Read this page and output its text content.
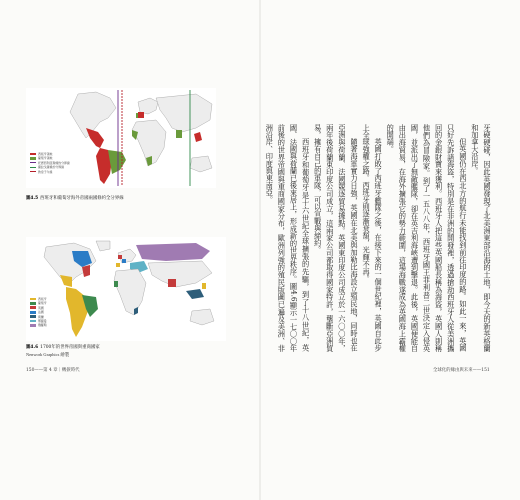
西班牙領地
葡萄牙領地
托德西利亞斯條約分界線
薩拉戈薩條約分界線
教皇子午線
圖4.5 西班牙和葡萄牙海外帝國兩國條約全分界線
西班牙
葡萄牙
英國
法國
荷蘭
鄂圖曼
俄羅斯
圖4.6 1700年的世界帝國與重商國家
Nenwork Graphics 繪製
150——第 4 章｜轉捩時代

牙硬硬碰，因此英國發現了北美洲東部沿海的土地，即今天的新英格蘭和加拿大沿岸。

但英國仍在西北方的航行未能找到前往印度的路。如此一來，英國只好先訴諸海盜，特別是在非洲的開發裡，透過搶劫西班牙人從美洲攜回的金銀財寶來獲利。西班牙人把這些英國船長稱為海盜，英國人則稱他們為冒險家。到了一五八八年，西班牙國王菲利普二世決定入侵英國，並派出了無敵艦隊，卻在英吉利海峽遭到擊退。此後，英國便能自由出海貿易，在海外擴張它的勢力範圍，這場海戰遂成為英國海上霸權的開端。

英國打敗了西班牙艦隊之後，在接下來的一個世紀裡，英國自此步上全球強權之路。西班牙則逐漸衰頹，光輝不再。

隨著海軍實力日強，英國在北美與加勒比海設立殖民地，同時也在亞洲與荷蘭、法國競逐貿易據點。英國東印度公司成立於一六〇〇年，兩年後荷蘭東印度公司成立，這兩家公司都取得國家特許，壟斷亞洲貿易，擁有自己的軍隊，可以宣戰與締約。

西班牙和葡萄牙是十六世紀全球擴張的先驅，到了十八世紀，英國、法國與荷蘭已後來居上，形成新的世界秩序。圖4.6顯示一七〇〇年前後的世界帝國與重商國家分布，歐洲列強的殖民版圖已遍及美洲、非洲沿岸、印度與東南亞。

全球化的緣由與未來——151
